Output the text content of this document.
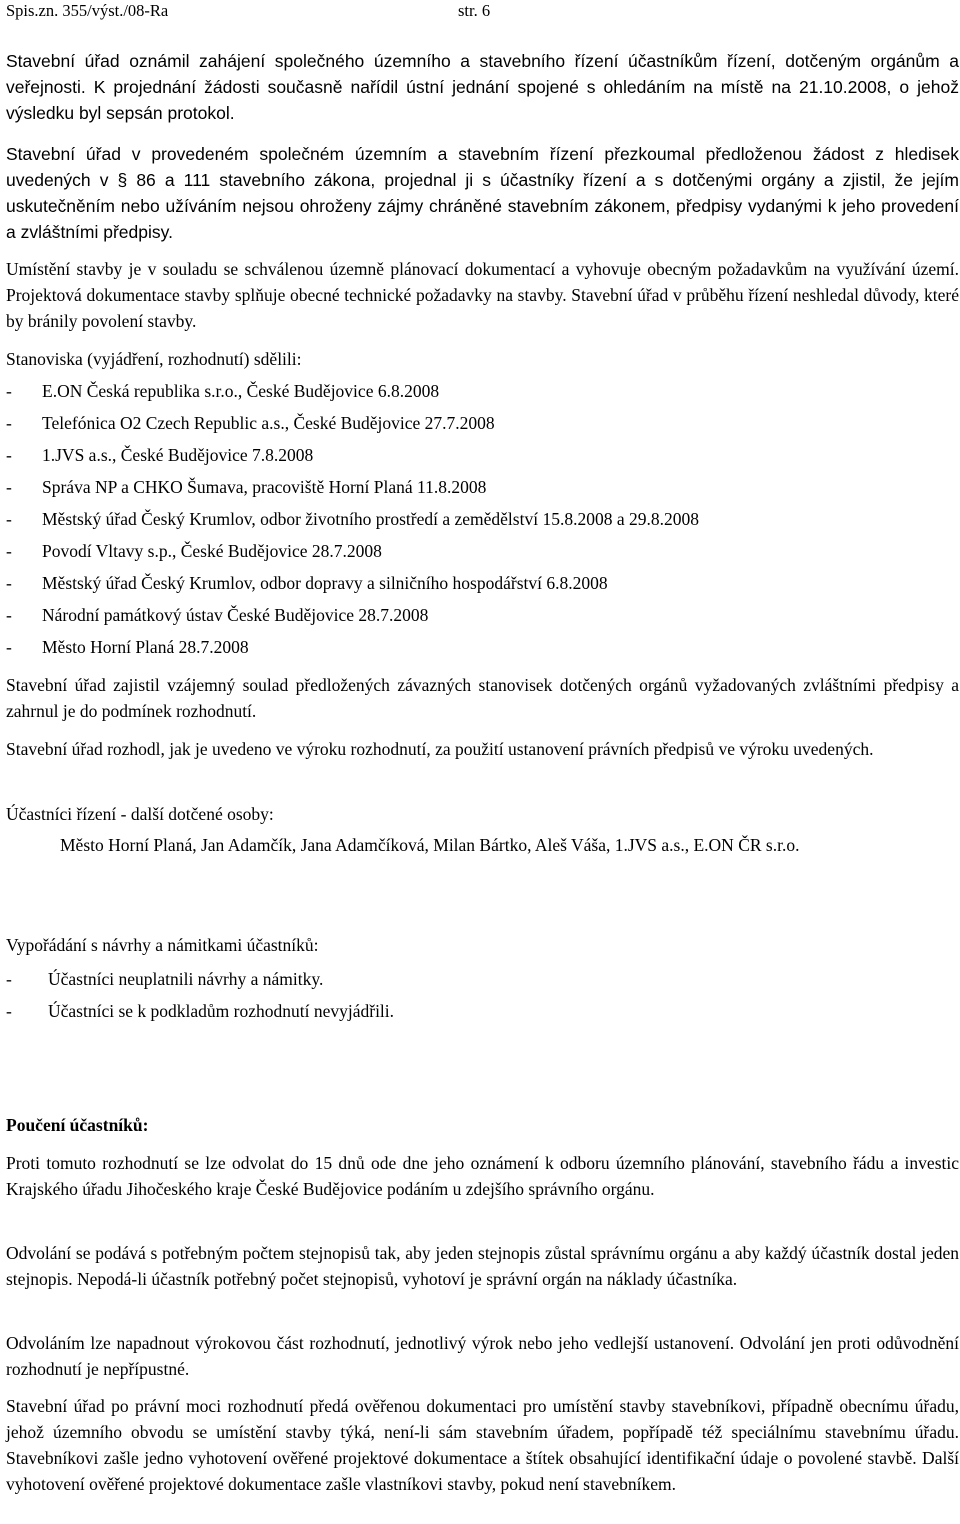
Spis.zn. 355/výst./08-Ra	str. 6
Stavební úřad oznámil zahájení společného územního a stavebního řízení účastníkům řízení, dotčeným orgánům a veřejnosti. K projednání žádosti současně nařídil ústní jednání spojené s ohledáním na místě na 21.10.2008, o jehož výsledku byl sepsán protokol.
Stavební úřad v provedeném společném územním a stavebním řízení přezkoumal předloženou žádost z hledisek uvedených v § 86 a 111 stavebního zákona, projednal ji s účastníky řízení a s dotčenými orgány a zjistil, že jejím uskutečněním nebo užíváním nejsou ohroženy zájmy chráněné stavebním zákonem, předpisy vydanými k jeho provedení a zvláštními předpisy.
Umístění stavby je v souladu se schválenou územně plánovací dokumentací a vyhovuje obecným požadavkům na využívání území. Projektová dokumentace stavby splňuje obecné technické požadavky na stavby. Stavební úřad v průběhu řízení neshledal důvody, které by bránily povolení stavby.
Stanoviska (vyjádření, rozhodnutí) sdělili:
- E.ON Česká republika s.r.o., České Budějovice 6.8.2008
- Telefónica O2 Czech Republic a.s., České Budějovice 27.7.2008
- 1.JVS a.s., České Budějovice 7.8.2008
- Správa NP a CHKO Šumava, pracoviště Horní Planá 11.8.2008
- Městský úřad Český Krumlov, odbor životního prostředí a zemědělství 15.8.2008 a 29.8.2008
- Povodí Vltavy s.p., České Budějovice 28.7.2008
- Městský úřad Český Krumlov, odbor dopravy a silničního hospodářství 6.8.2008
- Národní památkový ústav České Budějovice 28.7.2008
- Město Horní Planá 28.7.2008
Stavební úřad zajistil vzájemný soulad předložených závazných stanovisek dotčených orgánů vyžadovaných zvláštními předpisy a zahrnul je do podmínek rozhodnutí.
Stavební úřad rozhodl, jak je uvedeno ve výroku rozhodnutí, za použití ustanovení právních předpisů ve výroku uvedených.
Účastníci řízení - další dotčené osoby:
Město Horní Planá, Jan Adamčík, Jana Adamčíková, Milan Bártko, Aleš Váša, 1.JVS a.s., E.ON ČR s.r.o.
Vypořádání s návrhy a námitkami účastníků:
- Účastníci neuplatnili návrhy a námitky.
- Účastníci se k podkladům rozhodnutí nevyjádřili.
Poučení účastníků:
Proti tomuto rozhodnutí se lze odvolat do 15 dnů ode dne jeho oznámení k odboru územního plánování, stavebního řádu a investic Krajského úřadu Jihočeského kraje České Budějovice podáním u zdejšího správního orgánu.
Odvolání se podává s potřebným počtem stejnopisů tak, aby jeden stejnopis zůstal správnímu orgánu a aby každý účastník dostal jeden stejnopis. Nepodá-li účastník potřebný počet stejnopisů, vyhotoví je správní orgán na náklady účastníka.
Odvoláním lze napadnout výrokovou část rozhodnutí, jednotlivý výrok nebo jeho vedlejší ustanovení. Odvolání jen proti odůvodnění rozhodnutí je nepřípustné.
Stavební úřad po právní moci rozhodnutí předá ověřenou dokumentaci pro umístění stavby stavebníkovi, případně obecnímu úřadu, jehož územního obvodu se umístění stavby týká, není-li sám stavebním úřadem, popřípadě též speciálnímu stavebnímu úřadu. Stavebníkovi zašle jedno vyhotovení ověřené projektové dokumentace a štítek obsahující identifikační údaje o povolené stavbě. Další vyhotovení ověřené projektové dokumentace zašle vlastníkovi stavby, pokud není stavebníkem.
